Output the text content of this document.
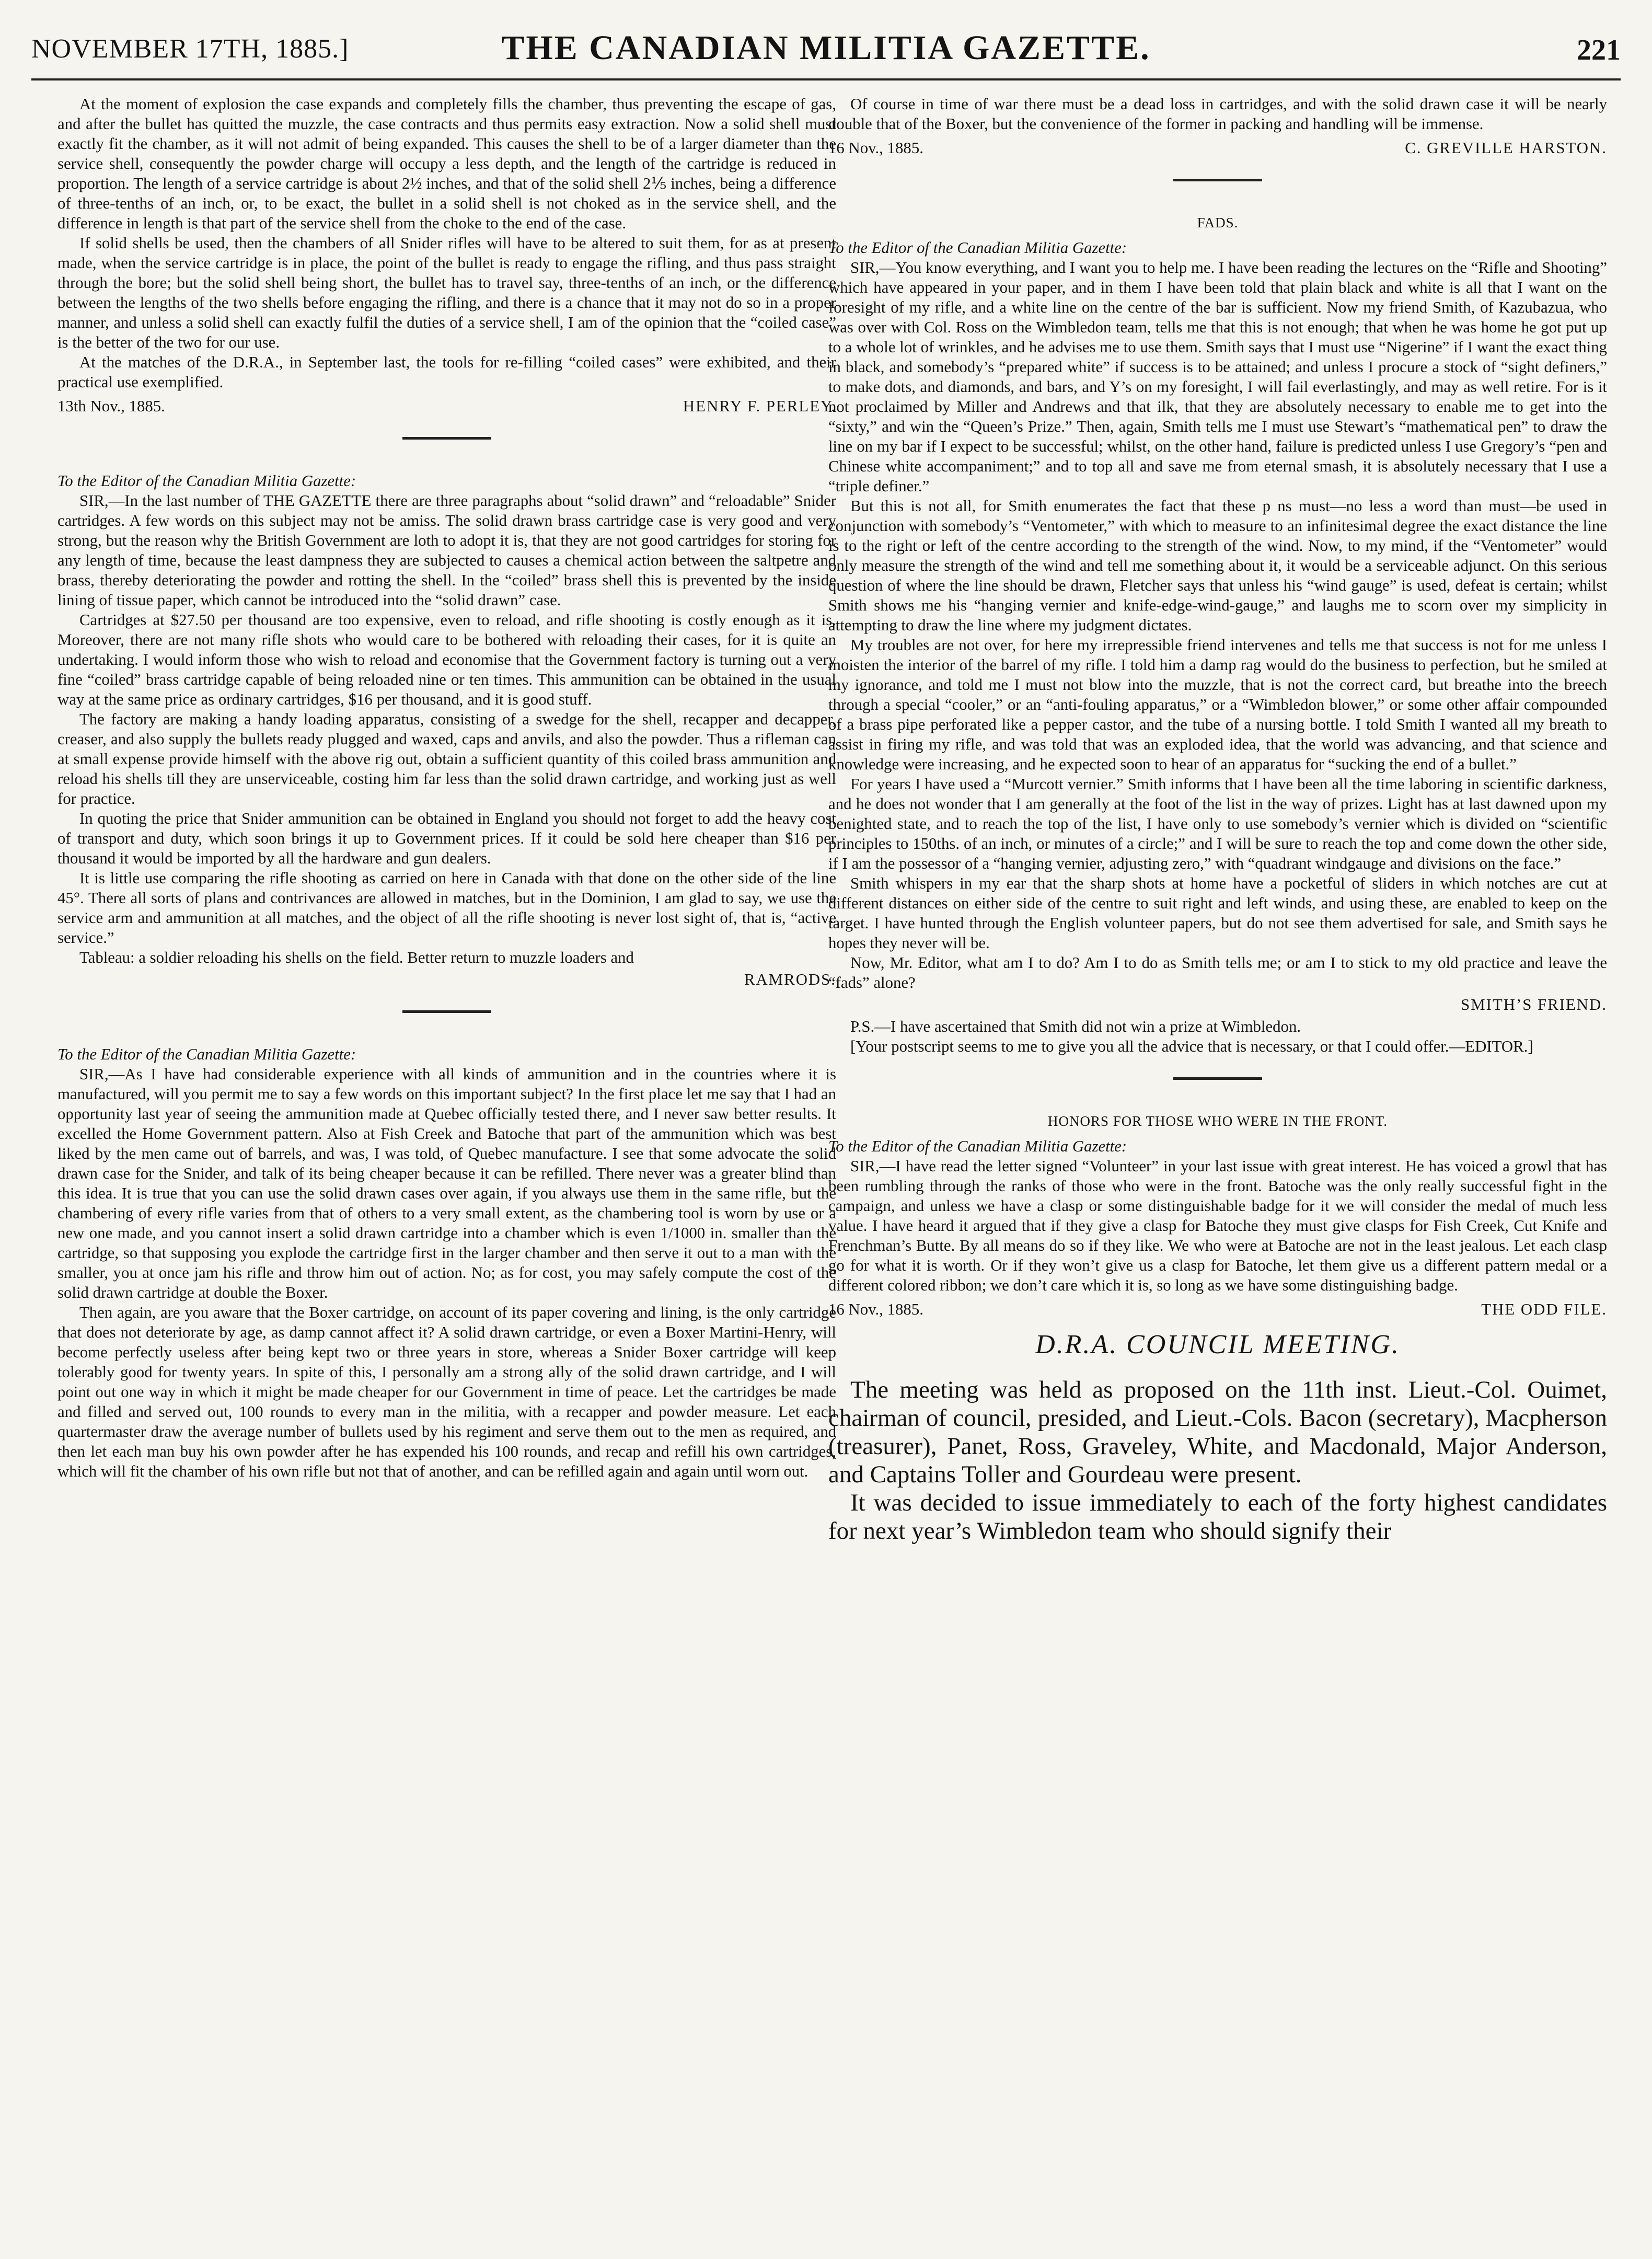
NOVEMBER 17TH, 1885.]	THE CANADIAN MILITIA GAZETTE.	221

At the moment of explosion the case expands and completely fills the chamber, thus preventing the escape of gas, and after the bullet has quitted the muzzle, the case contracts and thus permits easy extraction. Now a solid shell must exactly fit the chamber, as it will not admit of being expanded. This causes the shell to be of a larger diameter than the service shell, consequently the powder charge will occupy a less depth, and the length of the cartridge is reduced in proportion. The length of a service cartridge is about 2½ inches, and that of the solid shell 2⅕ inches, being a difference of three-tenths of an inch, or, to be exact, the bullet in a solid shell is not choked as in the service shell, and the difference in length is that part of the service shell from the choke to the end of the case.

If solid shells be used, then the chambers of all Snider rifles will have to be altered to suit them, for as at present made, when the service cartridge is in place, the point of the bullet is ready to engage the rifling, and thus pass straight through the bore; but the solid shell being short, the bullet has to travel say, three-tenths of an inch, or the difference between the lengths of the two shells before engaging the rifling, and there is a chance that it may not do so in a proper manner, and unless a solid shell can exactly fulfil the duties of a service shell, I am of the opinion that the “coiled case” is the better of the two for our use.

At the matches of the D.R.A., in September last, the tools for re-filling “coiled cases” were exhibited, and their practical use exemplified.

13th Nov., 1885.	HENRY F. PERLEY.

To the Editor of the Canadian Militia Gazette:

SIR,—In the last number of THE GAZETTE there are three paragraphs about “solid drawn” and “reloadable” Snider cartridges. A few words on this subject may not be amiss. The solid drawn brass cartridge case is very good and very strong, but the reason why the British Government are loth to adopt it is, that they are not good cartridges for storing for any length of time, because the least dampness they are subjected to causes a chemical action between the saltpetre and brass, thereby deteriorating the powder and rotting the shell. In the “coiled” brass shell this is prevented by the inside lining of tissue paper, which cannot be introduced into the “solid drawn” case.

Cartridges at $27.50 per thousand are too expensive, even to reload, and rifle shooting is costly enough as it is. Moreover, there are not many rifle shots who would care to be bothered with reloading their cases, for it is quite an undertaking. I would inform those who wish to reload and economise that the Government factory is turning out a very fine “coiled” brass cartridge capable of being reloaded nine or ten times. This ammunition can be obtained in the usual way at the same price as ordinary cartridges, $16 per thousand, and it is good stuff.

The factory are making a handy loading apparatus, consisting of a swedge for the shell, recapper and decapper, creaser, and also supply the bullets ready plugged and waxed, caps and anvils, and also the powder. Thus a rifleman can at small expense provide himself with the above rig out, obtain a sufficient quantity of this coiled brass ammunition and reload his shells till they are unserviceable, costing him far less than the solid drawn cartridge, and working just as well for practice.

In quoting the price that Snider ammunition can be obtained in England you should not forget to add the heavy cost of transport and duty, which soon brings it up to Government prices. If it could be sold here cheaper than $16 per thousand it would be imported by all the hardware and gun dealers.

It is little use comparing the rifle shooting as carried on here in Canada with that done on the other side of the line 45°. There all sorts of plans and contrivances are allowed in matches, but in the Dominion, I am glad to say, we use the service arm and ammunition at all matches, and the object of all the rifle shooting is never lost sight of, that is, “active service.”

Tableau: a soldier reloading his shells on the field. Better return to muzzle loaders and

RAMRODS.

To the Editor of the Canadian Militia Gazette:

SIR,—As I have had considerable experience with all kinds of ammunition and in the countries where it is manufactured, will you permit me to say a few words on this important subject? In the first place let me say that I had an opportunity last year of seeing the ammunition made at Quebec officially tested there, and I never saw better results. It excelled the Home Government pattern. Also at Fish Creek and Batoche that part of the ammunition which was best liked by the men came out of barrels, and was, I was told, of Quebec manufacture. I see that some advocate the solid drawn case for the Snider, and talk of its being cheaper because it can be refilled. There never was a greater blind than this idea. It is true that you can use the solid drawn cases over again, if you always use them in the same rifle, but the chambering of every rifle varies from that of others to a very small extent, as the chambering tool is worn by use or a new one made, and you cannot insert a solid drawn cartridge into a chamber which is even 1/1000 in. smaller than the cartridge, so that supposing you explode the cartridge first in the larger chamber and then serve it out to a man with the smaller, you at once jam his rifle and throw him out of action. No; as for cost, you may safely compute the cost of the solid drawn cartridge at double the Boxer.

Then again, are you aware that the Boxer cartridge, on account of its paper covering and lining, is the only cartridge that does not deteriorate by age, as damp cannot affect it? A solid drawn cartridge, or even a Boxer Martini-Henry, will become perfectly useless after being kept two or three years in store, whereas a Snider Boxer cartridge will keep tolerably good for twenty years. In spite of this, I personally am a strong ally of the solid drawn cartridge, and I will point out one way in which it might be made cheaper for our Government in time of peace. Let the cartridges be made and filled and served out, 100 rounds to every man in the militia, with a recapper and powder measure. Let each quartermaster draw the average number of bullets used by his regiment and serve them out to the men as required, and then let each man buy his own powder after he has expended his 100 rounds, and recap and refill his own cartridges, which will fit the chamber of his own rifle but not that of another, and can be refilled again and again until worn out.

Of course in time of war there must be a dead loss in cartridges, and with the solid drawn case it will be nearly double that of the Boxer, but the convenience of the former in packing and handling will be immense.

16 Nov., 1885.	C. GREVILLE HARSTON.
FADS.

To the Editor of the Canadian Militia Gazette:

SIR,—You know everything, and I want you to help me. I have been reading the lectures on the “Rifle and Shooting” which have appeared in your paper, and in them I have been told that plain black and white is all that I want on the foresight of my rifle, and a white line on the centre of the bar is sufficient. Now my friend Smith, of Kazubazua, who was over with Col. Ross on the Wimbledon team, tells me that this is not enough; that when he was home he got put up to a whole lot of wrinkles, and he advises me to use them. Smith says that I must use “Nigerine” if I want the exact thing in black, and somebody’s “prepared white” if success is to be attained; and unless I procure a stock of “sight definers,” to make dots, and diamonds, and bars, and Y’s on my foresight, I will fail everlastingly, and may as well retire. For is it not proclaimed by Miller and Andrews and that ilk, that they are absolutely necessary to enable me to get into the “sixty,” and win the “Queen’s Prize.” Then, again, Smith tells me I must use Stewart’s “mathematical pen” to draw the line on my bar if I expect to be successful; whilst, on the other hand, failure is predicted unless I use Gregory’s “pen and Chinese white accompaniment;” and to top all and save me from eternal smash, it is absolutely necessary that I use a “triple definer.”

But this is not all, for Smith enumerates the fact that these p ns must—no less a word than must—be used in conjunction with somebody’s “Ventometer,” with which to measure to an infinitesimal degree the exact distance the line is to the right or left of the centre according to the strength of the wind. Now, to my mind, if the “Ventometer” would only measure the strength of the wind and tell me something about it, it would be a serviceable adjunct. On this serious question of where the line should be drawn, Fletcher says that unless his “wind gauge” is used, defeat is certain; whilst Smith shows me his “hanging vernier and knife-edge-wind-gauge,” and laughs me to scorn over my simplicity in attempting to draw the line where my judgment dictates.

My troubles are not over, for here my irrepressible friend intervenes and tells me that success is not for me unless I moisten the interior of the barrel of my rifle. I told him a damp rag would do the business to perfection, but he smiled at my ignorance, and told me I must not blow into the muzzle, that is not the correct card, but breathe into the breech through a special “cooler,” or an “anti-fouling apparatus,” or a “Wimbledon blower,” or some other affair compounded of a brass pipe perforated like a pepper castor, and the tube of a nursing bottle. I told Smith I wanted all my breath to assist in firing my rifle, and was told that was an exploded idea, that the world was advancing, and that science and knowledge were increasing, and he expected soon to hear of an apparatus for “sucking the end of a bullet.”

For years I have used a “Murcott vernier.” Smith informs that I have been all the time laboring in scientific darkness, and he does not wonder that I am generally at the foot of the list in the way of prizes. Light has at last dawned upon my benighted state, and to reach the top of the list, I have only to use somebody’s vernier which is divided on “scientific principles to 150ths. of an inch, or minutes of a circle;” and I will be sure to reach the top and come down the other side, if I am the possessor of a “hanging vernier, adjusting zero,” with “quadrant windgauge and divisions on the face.”

Smith whispers in my ear that the sharp shots at home have a pocketful of sliders in which notches are cut at different distances on either side of the centre to suit right and left winds, and using these, are enabled to keep on the target. I have hunted through the English volunteer papers, but do not see them advertised for sale, and Smith says he hopes they never will be.

Now, Mr. Editor, what am I to do? Am I to do as Smith tells me; or am I to stick to my old practice and leave the “fads” alone?

SMITH’S FRIEND.

P.S.—I have ascertained that Smith did not win a prize at Wimbledon.

[Your postscript seems to me to give you all the advice that is necessary, or that I could offer.—EDITOR.]

HONORS FOR THOSE WHO WERE IN THE FRONT.

To the Editor of the Canadian Militia Gazette:

SIR,—I have read the letter signed “Volunteer” in your last issue with great interest. He has voiced a growl that has been rumbling through the ranks of those who were in the front. Batoche was the only really successful fight in the campaign, and unless we have a clasp or some distinguishable badge for it we will consider the medal of much less value. I have heard it argued that if they give a clasp for Batoche they must give clasps for Fish Creek, Cut Knife and Frenchman’s Butte. By all means do so if they like. We who were at Batoche are not in the least jealous. Let each clasp go for what it is worth. Or if they won’t give us a clasp for Batoche, let them give us a different pattern medal or a different colored ribbon; we don’t care which it is, so long as we have some distinguishing badge.

16 Nov., 1885.	THE ODD FILE.
D.R.A. COUNCIL MEETING.

The meeting was held as proposed on the 11th inst. Lieut.-Col. Ouimet, chairman of council, presided, and Lieut.-Cols. Bacon (secretary), Macpherson (treasurer), Panet, Ross, Graveley, White, and Macdonald, Major Anderson, and Captains Toller and Gourdeau were present.

It was decided to issue immediately to each of the forty highest candidates for next year’s Wimbledon team who should signify their
